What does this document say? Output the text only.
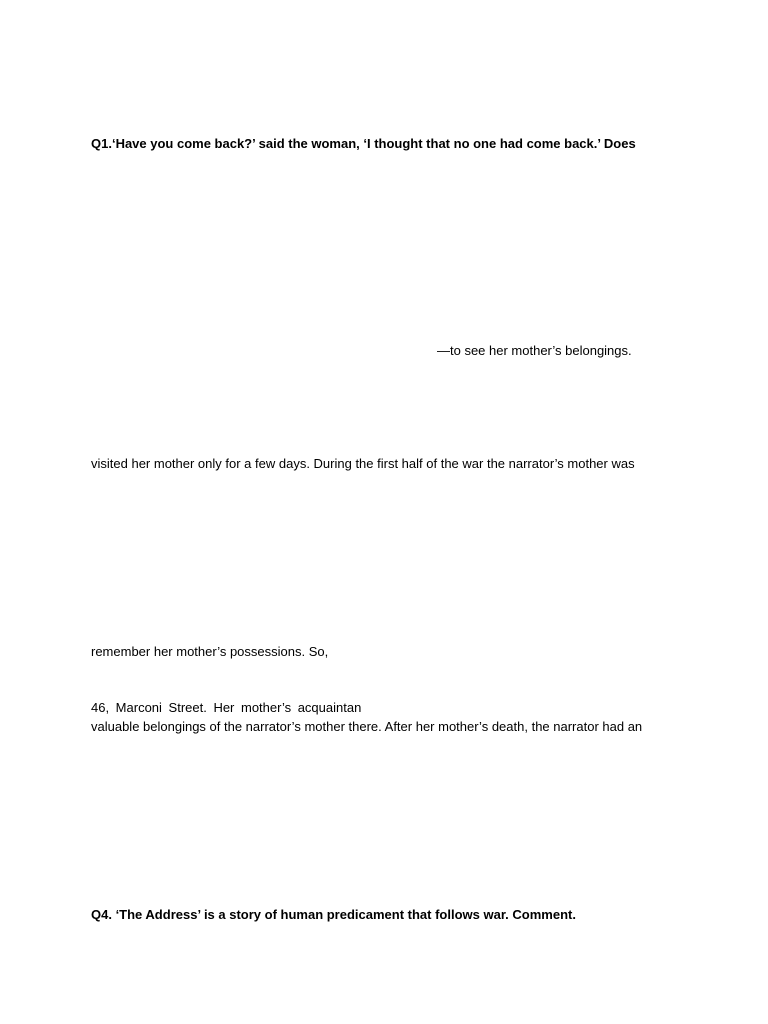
Q1.‘Have you come back?’ said the woman, ‘I thought that no one had come back.’ Does
—to see her mother’s belongings.
visited her mother only for a few days. During the first half of the war the narrator’s mother was
remember her mother’s possessions. So,
46, Marconi Street. Her mother’s acquaintan
valuable belongings of the narrator’s mother there. After her mother’s death, the narrator had an
Q4. ‘The Address’ is a story of human predicament that follows war. Comment.
